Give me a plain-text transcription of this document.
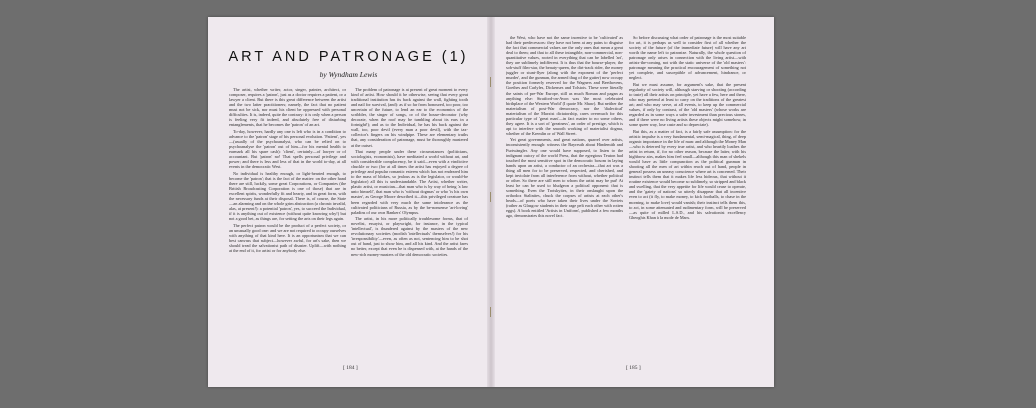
ART AND PATRONAGE (1)
by Wyndham Lewis

The artist, whether writer, actor, singer, painter, architect, or composer, requires a 'patron', just as a doctor requires a patient, or a lawyer a client. But there is this great difference between the artist and the two latter practitioners; namely, the fact that no patient must not be sick, nor must his client be oppressed with personal difficulties. It is, indeed, quite the contrary: it is only when a person is feeling very fit indeed, and absolutely free of disturbing entanglements, that he becomes the 'patron' of an art.

To-day, however, hardly any one is left who is in a condition to advance to the 'patron' stage of his personal evolution. 'Patient', yes—(usually of the psychoanalyst, who can be relied on to psychoanalyse the 'patron' out of him—for his mental health to earmark all his spare cash): 'client', certainly—of lawyer or of accountant. But 'patron' no! That spells personal privilege and power; and there is less and less of that in the world to-day, at all events in the democratic West.

No individual is healthy enough, or light-hearted enough, to become the 'patron'; that is the fact of the matter: on the other hand there are still, luckily, some great Corporations, or Companies (the British Broadcasting Corporation is one of those) that are in excellent spirits, wonderfully fit and hearty, and in great form, with the necessary funds at their disposal. There is, of course, the State —an alarming and on the whole grim abstraction (a chronic invalid, alas, at present!): a potential 'patron', yes, to succeed the Individual, if it is anything out of existence (without quite knowing why!) but not a good bet, as things are, for setting the arts on their legs again.

The perfect patron would be the product of a perfect society, or an unusually good one: and we are not required to occupy ourselves with anything of that kind here. It is an opportunism that we can best canvass that subject—however awful, for art's sake, then we should tread the salvationist path of disaster. Uplift—with nothing at the end of it, for artist or for anybody else.

The problem of patronage is at present of great moment to every kind of artist. How should it be otherwise, seeing that every great traditional institution has its back against the wall, fighting tooth and nail for survival, (and): as if so far from honoured, too poor, too uncertain of the future, to lend an ear to the economics of the scribbler, the singer of songs, or of the house-decorator (why decorate, when the roof may be tumbling about its ears in a fortnight!); and as to the Individual, he has his back against the wall, too, poor devil (every man a poor devil), with the tax-collector's fingers on his windpipe. These are elementary truths that, any consideration of patronage, must be thoroughly mastered at the outset.

That many people under these circumstances (politicians, sociologists, economists), have meditated a world without art, and with considerable complacency, be it said—even with a vindictive chuckle or two (for at all times the artist has enjoyed a degree of privilege and popular romantic esteem which has not endeared him to the mass of blokes, so jealous as is the legislator, or would-be legislator) all this is understandable. The Artist, whether writer, plastic artist, or musician—that man who is by way of being 'a law unto himself', that man who is 'without dogmas' or who 'is his own master', as George Moore described it—this privileged creature has been regarded with very much the same intolerance as the cultivated politicians of Russia, as by the be-nonsense 'art-loving' paladins of our own Bankers' Olympus.

The artist, in his more politically troublesome forms, that of novelist, essayist, or playwright, for instance, in the typical 'intellectual', is thundered against by the masters of the new revolutionary societies (modish 'intellectuals' themselves!) for his 'irresponsibility'—even, as often as not, sentencing him to be shot out of hand, just to show him, and all his kind. And the artist fares no better, except that even he is dispensed with, at the hands of the new-rich money-masters of the old democratic societies.

[ 184 ]

the West, who have not the same incentive to be 'cultivated' as had their predecessors: they have not been at any pains to disguise the fact that commercial values are the only ones that mean a great deal to them; and that to all these intangible, non-commercial, non-quantitative values, rooted in everything that can be labelled 'art', they are sublimely indifferent. It is thus that the bourse-player, the sob-stuff film-star, the beauty-queen, the dirt-track rider, the money juggler or stunt-flyer (along with the exponent of the 'perfect murder', and the gunman, the armed thug of the gutter) now occupy the position formerly reserved for the Wagners and Beethovens, Goethes and Carlyles, Dickenses and Tolstois. These were literally the saints of pre-War Europe, still as much Roman and pagan as anything else: Stratford-on-Avon was 'the most celebrated birthplace of the Western World' (I quote Mr. Shaw). But neither the materialism of post-War democracy, nor the 'dialectical' materialism of the Marxist dictatorship, cares overmuch for this particular type of 'great man'—in fact matter to no some others, they agree. It is a sort of 'greatness', an order of prestige, which is apt to interfere with the smooth working of materialist dogma, whether of the Kremlin or of Wall Street.

Yet great governments, and great nations, quarrel over artists, inconsistently enough: witness the Bayreuth about Hindemith and Furtwängler. Any one would have supposed, to listen to the indignant outcry of the world Press, that the egregious Teuton had touched the most sensitive spot in the democratic bosom in laying hands upon an artist, a conductor of an orchestra—that art was a thing all men for to be preserved, respected, and cherished, and kept inviolate from all interference from without, whether political or other. So there are still men to whom the artist may be put! At least he can be used to bludgeon a political opponent: that is something. Even the Trotskyites, in their onslaught upon the orthodox Stalinites, chuck the corpses of artists at each other's heads—of poets who have taken their lives under the Soviets (rather as Glasgow students in their rage pelt each other with rotten eggs). A book entitled 'Artists in Uniform', published a few months ago, demonstrates this novel fact.

So before discussing what order of patronage is the most suitable for art, it is perhaps as well to consider first of all whether the society of the future (of the immediate future) will have any art worth the name left to patronize. Naturally, the whole question of patronage only arises in connection with the living artist—with artists-the-coming, not with the static universe of the 'old masters': patronage meaning the practical encouragement of something not yet complete, and susceptible of advancement, hindrance, or neglect.

But we must assume, for argument's sake, that the present regularity of society will, although starving or shooting (according to taste) all their artists on principle, yet have a few, here and there, who may pretend at least to carry on the traditions of the greatest art; and who may serve, at all events, to keep up the commercial values, if only by contrast, of the 'old masters' (whose works are regarded as in some ways a safer investment than precious stones, and if there were no living artists these objects might somehow, in some queer way, lose caste and so depreciate).

But this, as a matter of fact, is a fairly safe assumption: for the artistic impulse is a very fundamental, semi-magical, thing, of deep organic importance in the life of man: and although the Money Man—who is deterred by every true artist, and who heartily loathes the artist in return, if, for no other reason, because the latter, with his highbrow airs, makes him feel small—although this man of shekels would have as little compunction as the political gunman in shooting all the men of art within reach out of hand, people in general possess an uneasy conscience where art is concerned. Their instinct tells them that it makes life less hideous, that without it routine existence would become so sublimely, so stripped and black and swelling, that the very appetite for life would cease to operate, and the 'gaiety of nations' so utterly disappear that all incentive even to act (it fly, to make money, to kick footballs, to chase in the morning, to make love) would vanish; their instinct tells them this, to act, in some attenuated and rudimentary form, will be preserved—as quite of milled L.S.D., and his salvationist excellency Gheoghis Khan à la mode de Marx.

[ 185 ]
